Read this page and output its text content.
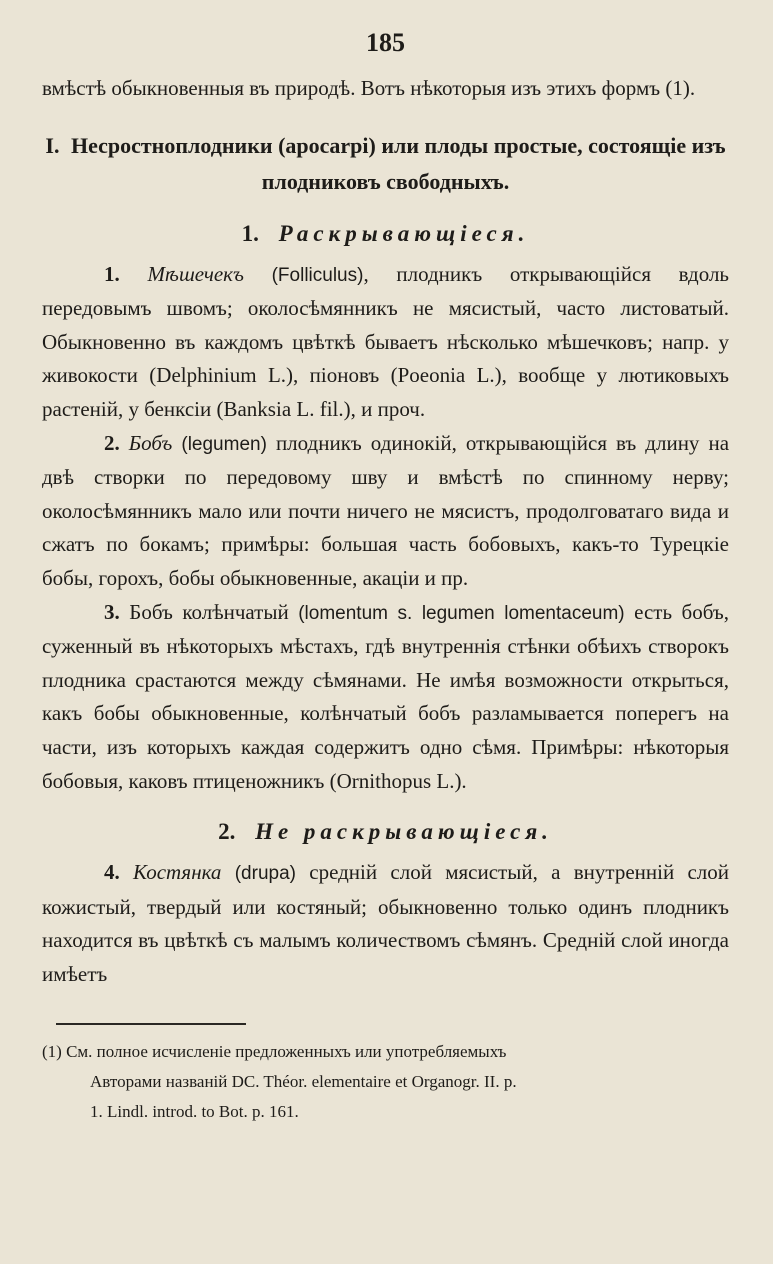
185

вмѣстѣ обыкновенныя въ природѣ. Вотъ нѣкоторыя изъ этихъ формъ (1).

I. Несростноплодники (apocarpi) или плоды простые, состоящіе изъ плодниковъ свободныхъ.

1. Раскрывающіеся.

1. Мѣшечекъ (Folliculus), плодникъ открывающійся вдоль передовымъ швомъ; околосѣмянникъ не мясистый, часто листоватый. Обыкновенно въ каждомъ цвѣткѣ бываетъ нѣсколько мѣшечковъ; напр. у живокости (Delphinium L.), піоновъ (Poeonia L.), вообще у лютиковыхъ растеній, у бенксіи (Banksia L. fil.), и проч.

2. Бобъ (legumen) плодникъ одинокій, открывающійся въ длину на двѣ створки по передовому шву и вмѣстѣ по спинному нерву; околосѣмянникъ мало или почти ничего не мясистъ, продолговатаго вида и сжатъ по бокамъ; примѣры: большая часть бобовыхъ, какъ-то Турецкіе бобы, горохъ, бобы обыкновенные, акаціи и пр.

3. Бобъ колѣнчатый (lomentum s. legumen lomentaceum) есть бобъ, суженный въ нѣкоторыхъ мѣстахъ, гдѣ внутреннія стѣнки обѣихъ створокъ плодника срастаются между сѣмянами. Не имѣя возможности открыться, какъ бобы обыкновенные, колѣнчатый бобъ разламывается поперегъ на части, изъ которыхъ каждая содержитъ одно сѣмя. Примѣры: нѣкоторыя бобовыя, каковъ птиценожникъ (Ornithopus L.).

2. Не раскрывающіеся.

4. Костянка (drupa) средній слой мясистый, а внутренній слой кожистый, твердый или костяный; обыкновенно только одинъ плодникъ находится въ цвѣткѣ съ малымъ количествомъ сѣмянъ. Средній слой иногда имѣетъ

(1) См. полное исчисленіе предложенныхъ или употребляемыхъ
Авторами названій DC. Théor. elementaire et Organogr. II. p.
1. Lindl. introd. to Bot. p. 161.
